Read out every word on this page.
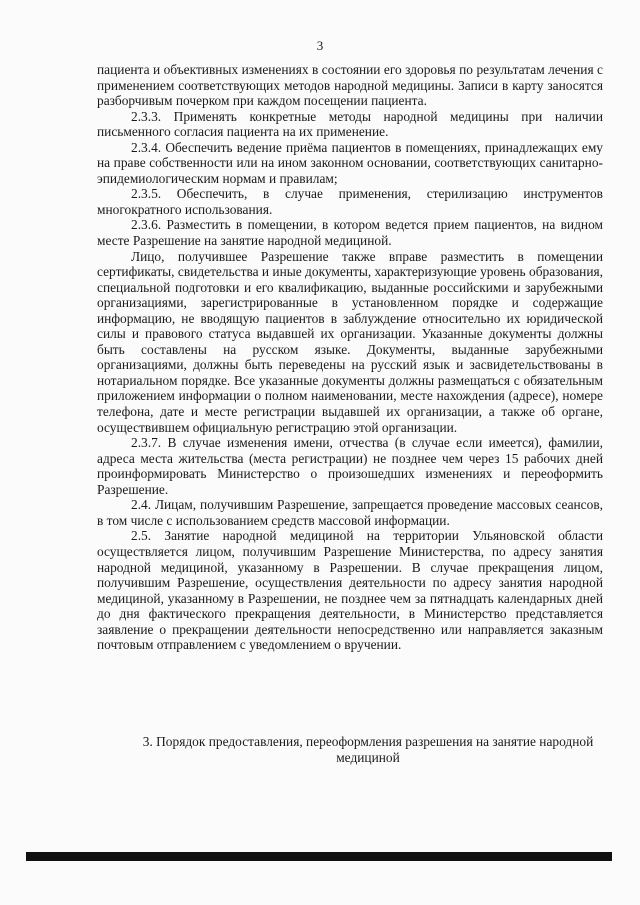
3

пациента и объективных изменениях в состоянии его здоровья по результатам лечения с применением соответствующих методов народной медицины. Записи в карту заносятся разборчивым почерком при каждом посещении пациента.

2.3.3. Применять конкретные методы народной медицины при наличии письменного согласия пациента на их применение.

2.3.4. Обеспечить ведение приёма пациентов в помещениях, принадлежащих ему на праве собственности или на ином законном основании, соответствующих санитарно-эпидемиологическим нормам и правилам;

2.3.5. Обеспечить, в случае применения, стерилизацию инструментов многократного использования.

2.3.6. Разместить в помещении, в котором ведется прием пациентов, на видном месте Разрешение на занятие народной медициной.

Лицо, получившее Разрешение также вправе разместить в помещении сертификаты, свидетельства и иные документы, характеризующие уровень образования, специальной подготовки и его квалификацию, выданные российскими и зарубежными организациями, зарегистрированные в установленном порядке и содержащие информацию, не вводящую пациентов в заблуждение относительно их юридической силы и правового статуса выдавшей их организации. Указанные документы должны быть составлены на русском языке. Документы, выданные зарубежными организациями, должны быть переведены на русский язык и засвидетельствованы в нотариальном порядке. Все указанные документы должны размещаться с обязательным приложением информации о полном наименовании, месте нахождения (адресе), номере телефона, дате и месте регистрации выдавшей их организации, а также об органе, осуществившем официальную регистрацию этой организации.

2.3.7. В случае изменения имени, отчества (в случае если имеется), фамилии, адреса места жительства (места регистрации) не позднее чем через 15 рабочих дней проинформировать Министерство о произошедших изменениях и переоформить Разрешение.

2.4. Лицам, получившим Разрешение, запрещается проведение массовых сеансов, в том числе с использованием средств массовой информации.

2.5. Занятие народной медициной на территории Ульяновской области осуществляется лицом, получившим Разрешение Министерства, по адресу занятия народной медициной, указанному в Разрешении. В случае прекращения лицом, получившим Разрешение, осуществления деятельности по адресу занятия народной медициной, указанному в Разрешении, не позднее чем за пятнадцать календарных дней до дня фактического прекращения деятельности, в Министерство представляется заявление о прекращении деятельности непосредственно или направляется заказным почтовым отправлением с уведомлением о вручении.

3. Порядок предоставления, переоформления разрешения на занятие народной медициной
